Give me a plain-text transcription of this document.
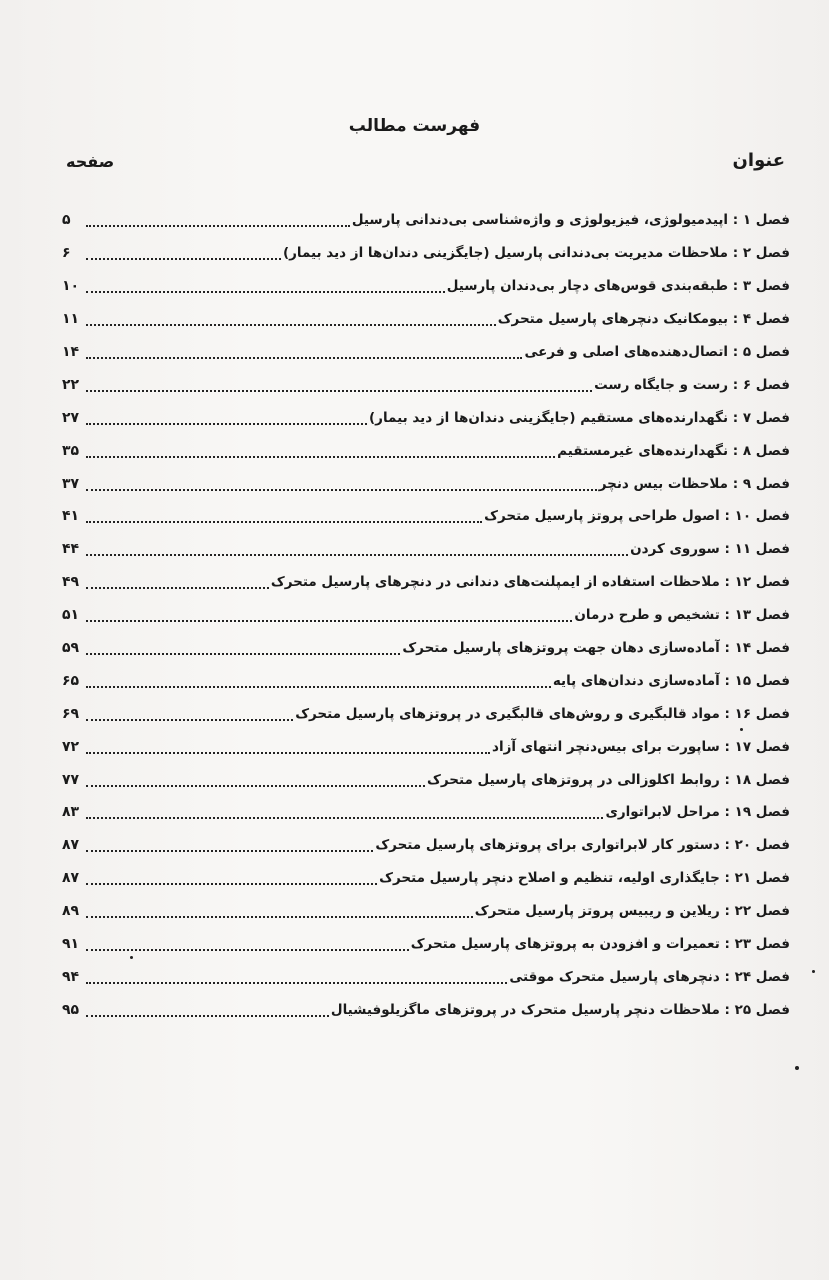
فهرست مطالب
عنوان
صفحه
فصل ۱ : اپیدمیولوژی، فیزیولوژی و واژه‌شناسی بی‌دندانی پارسیل
۵
فصل ۲ : ملاحظات مدیریت بی‌دندانی پارسیل (جایگزینی دندان‌ها از دید بیمار)
۶
فصل ۳ : طبقه‌بندی قوس‌های دچار بی‌دندان پارسیل
۱۰
فصل ۴ : بیومکانیک دنچرهای پارسیل متحرک
۱۱
فصل ۵ : اتصال‌دهنده‌های اصلی و فرعی
۱۴
فصل ۶ : رست و جایگاه رست
۲۲
فصل ۷ : نگهدارنده‌های مستقیم (جایگزینی دندان‌ها از دید بیمار)
۲۷
فصل ۸ : نگهدارنده‌های غیرمستقیم
۳۵
فصل ۹ : ملاحظات بیس دنچر
۳۷
فصل ۱۰ : اصول طراحی پروتز پارسیل متحرک
۴۱
فصل ۱۱ : سوروی کردن
۴۴
فصل ۱۲ : ملاحظات استفاده از ایمپلنت‌های دندانی در دنچرهای پارسیل متحرک
۴۹
فصل ۱۳ : تشخیص و طرح درمان
۵۱
فصل ۱۴ : آماده‌سازی دهان جهت پروتزهای پارسیل متحرک
۵۹
فصل ۱۵ : آماده‌سازی دندان‌های پایه
۶۵
فصل ۱۶ : مواد قالبگیری و روش‌های قالبگیری در پروتزهای پارسیل متحرک
۶۹
فصل ۱۷ : ساپورت برای بیس‌دنچر انتهای آزاد
۷۲
فصل ۱۸ : روابط اکلوزالی در پروتزهای پارسیل متحرک
۷۷
فصل ۱۹ : مراحل لابراتواری
۸۳
فصل ۲۰ : دستور کار لابراتواری برای پروتزهای پارسیل متحرک
۸۷
فصل ۲۱ : جایگذاری اولیه، تنظیم و اصلاح دنچر پارسیل متحرک
۸۷
فصل ۲۲ : ریلاین و ریبیس پروتز پارسیل متحرک
۸۹
فصل ۲۳ : تعمیرات و افزودن به پروتزهای پارسیل متحرک
۹۱
فصل ۲۴ : دنچرهای پارسیل متحرک موقتی
۹۴
فصل ۲۵ : ملاحظات دنچر پارسیل متحرک در پروتزهای ماگزیلوفیشیال
۹۵
